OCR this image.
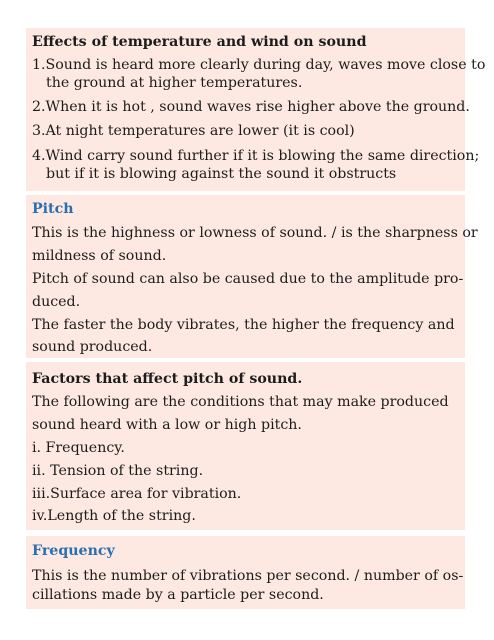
Effects of temperature and wind on sound
1.Sound is heard more clearly during day, waves move close to
the ground at higher temperatures.
2.When it is hot , sound waves rise higher above the ground.
3.At night temperatures are lower (it is cool)
4.Wind carry sound further if it is blowing the same direction;
but if it is blowing against the sound it obstructs
Pitch
This is the highness or lowness of sound. / is the sharpness or
mildness of sound.
Pitch of sound can also be caused due to the amplitude pro-
duced.
The faster the body vibrates, the higher the frequency and
sound produced.
Factors that affect pitch of sound.
The following are the conditions that may make produced
sound heard with a low or high pitch.
i. Frequency.
ii. Tension of the string.
iii.Surface area for vibration.
iv.Length of the string.
Frequency
This is the number of vibrations per second. / number of os-
cillations made by a particle per second.
